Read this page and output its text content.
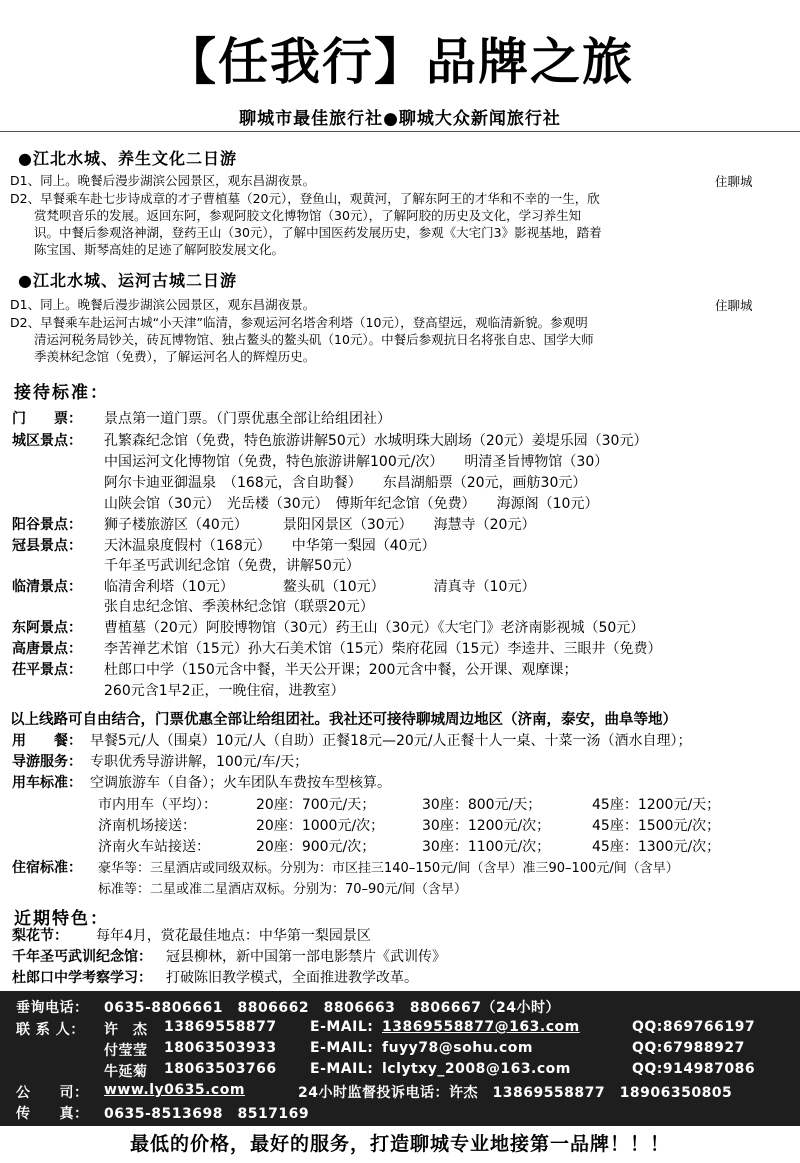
【任我行】品牌之旅
聊城市最佳旅行社●聊城大众新闻旅行社
●江北水城、养生文化二日游
D1、同上。晚餐后漫步湖滨公园景区，观东昌湖夜景。	住聊城
D2、早餐乘车赴七步诗成章的才子曹植墓（20元），登鱼山，观黄河，了解东阿王的才华和不幸的一生，欣
赏梵呗音乐的发展。返回东阿，参观阿胶文化博物馆（30元），了解阿胶的历史及文化，学习养生知
识。中餐后参观洛神湖，登药王山（30元），了解中国医药发展历史，参观《大宅门3》影视基地，踏着
陈宝国、斯琴高娃的足迹了解阿胶发展文化。
●江北水城、运河古城二日游
D1、同上。晚餐后漫步湖滨公园景区，观东昌湖夜景。	住聊城
D2、早餐乘车赴运河古城“小天津”临清，参观运河名塔舍利塔（10元），登高望远，观临清新貌。参观明
清运河税务局钞关，砖瓦博物馆、独占鳌头的鳌头矶（10元）。中餐后参观抗日名将张自忠、国学大师
季羡林纪念馆（免费），了解运河名人的辉煌历史。
接待标准：
门　　票： 景点第一道门票。（门票优惠全部让给组团社）
城区景点： 孔繁森纪念馆（免费，特色旅游讲解50元）水城明珠大剧场（20元）姜堤乐园（30元）
中国运河文化博物馆（免费，特色旅游讲解100元/次）　　明清圣旨博物馆（30）
阿尔卡迪亚御温泉　（168元，含自助餐）　　东昌湖船票（20元，画舫30元）
山陕会馆（30元）　光岳楼（30元）　傅斯年纪念馆（免费）　　海源阁（10元）
阳谷景点： 狮子楼旅游区（40元）　　　景阳冈景区（30元）　　海慧寺（20元）
冠县景点： 天沐温泉度假村（168元）　　中华第一梨园（40元）
千年圣丐武训纪念馆（免费，讲解50元）
临清景点： 临清舍利塔（10元）　　　　鳌头矶（10元）　　　　清真寺（10元）
张自忠纪念馆、季羡林纪念馆（联票20元）
东阿景点： 曹植墓（20元）阿胶博物馆（30元）药王山（30元）《大宅门》老济南影视城（50元）
高唐景点： 李苦禅艺术馆（15元）孙大石美术馆（15元）柴府花园（15元）李逵井、三眼井（免费）
茌平景点： 杜郎口中学（150元含中餐，半天公开课；200元含中餐，公开课、观摩课；
260元含1早2正，一晚住宿，进教室）
以上线路可自由结合，门票优惠全部让给组团社。我社还可接待聊城周边地区（济南，泰安，曲阜等地）
用　　餐： 早餐5元/人（围桌）10元/人（自助）正餐18元—20元/人正餐十人一桌、十菜一汤（酒水自理）；
导游服务： 专职优秀导游讲解，100元/车/天；
用车标准： 空调旅游车（自备）；火车团队车费按车型核算。
市内用车（平均）：	20座：700元/天；	30座：800元/天；	45座：1200元/天；
济南机场接送：	20座：1000元/次；	30座：1200元/次；	45座：1500元/次；
济南火车站接送：	20座：900元/次；	30座：1100元/次；	45座：1300元/次；
住宿标准： 豪华等：三星酒店或同级双标。分别为：市区挂三140–150元/间（含早）准三90–100元/间（含早）
标准等：二星或准二星酒店双标。分别为：70–90元/间（含早）
近期特色：
梨花节： 每年4月，赏花最佳地点：中华第一梨园景区
千年圣丐武训纪念馆： 冠县柳林，新中国第一部电影禁片《武训传》
杜郎口中学考察学习： 打破陈旧教学模式，全面推进教学改革。
垂询电话： 0635-8806661　8806662　8806663　8806667（24小时）
联 系 人： 许　杰 13869558877 E-MAIL: 13869558877@163.com	QQ:869766197
付莹莹 18063503933 E-MAIL: fuyy78@sohu.com	QQ:67988927
牛延菊 18063503766 E-MAIL: lclytxy_2008@163.com	QQ:914987086
公　　司： www.ly0635.com	24小时监督投诉电话：许杰　13869558877　18906350805
传　　真： 0635-8513698　8517169
最低的价格，最好的服务，打造聊城专业地接第一品牌！！！
